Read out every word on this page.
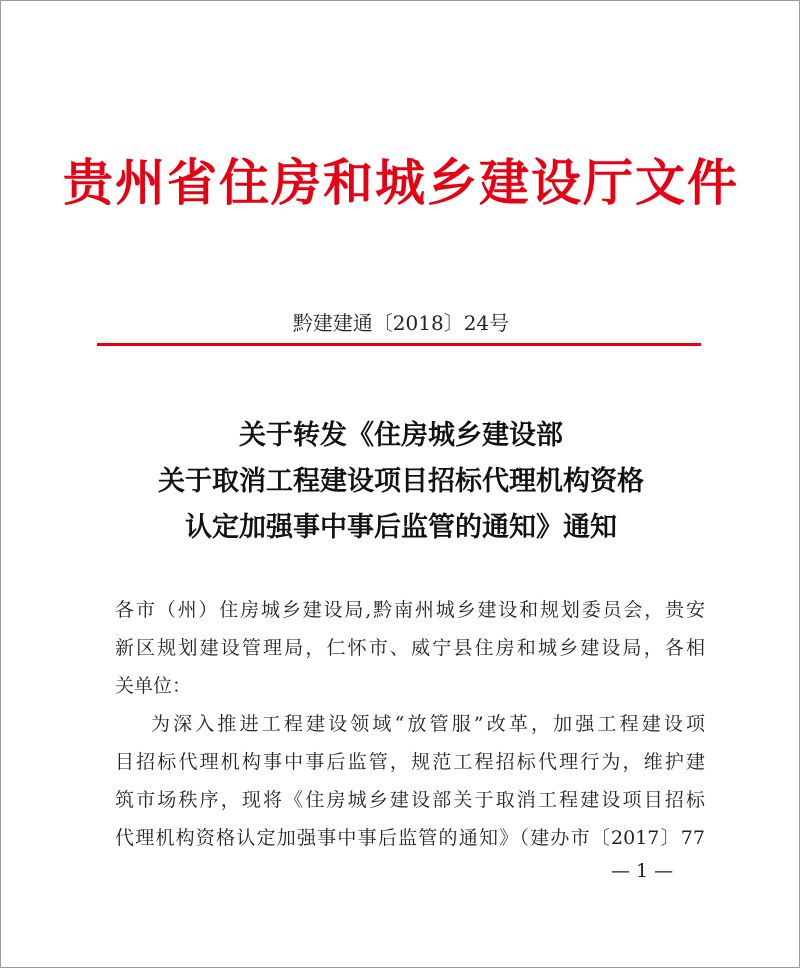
贵州省住房和城乡建设厅文件
黔建建通〔2018〕24号
关于转发《住房城乡建设部
关于取消工程建设项目招标代理机构资格
认定加强事中事后监管的通知》通知
各市（州）住房城乡建设局,黔南州城乡建设和规划委员会，贵安
新区规划建设管理局，仁怀市、威宁县住房和城乡建设局，各相
关单位：
为深入推进工程建设领域“放管服”改革，加强工程建设项
目招标代理机构事中事后监管，规范工程招标代理行为，维护建
筑市场秩序，现将《住房城乡建设部关于取消工程建设项目招标
代理机构资格认定加强事中事后监管的通知》（建办市〔2017〕77
— 1 —
